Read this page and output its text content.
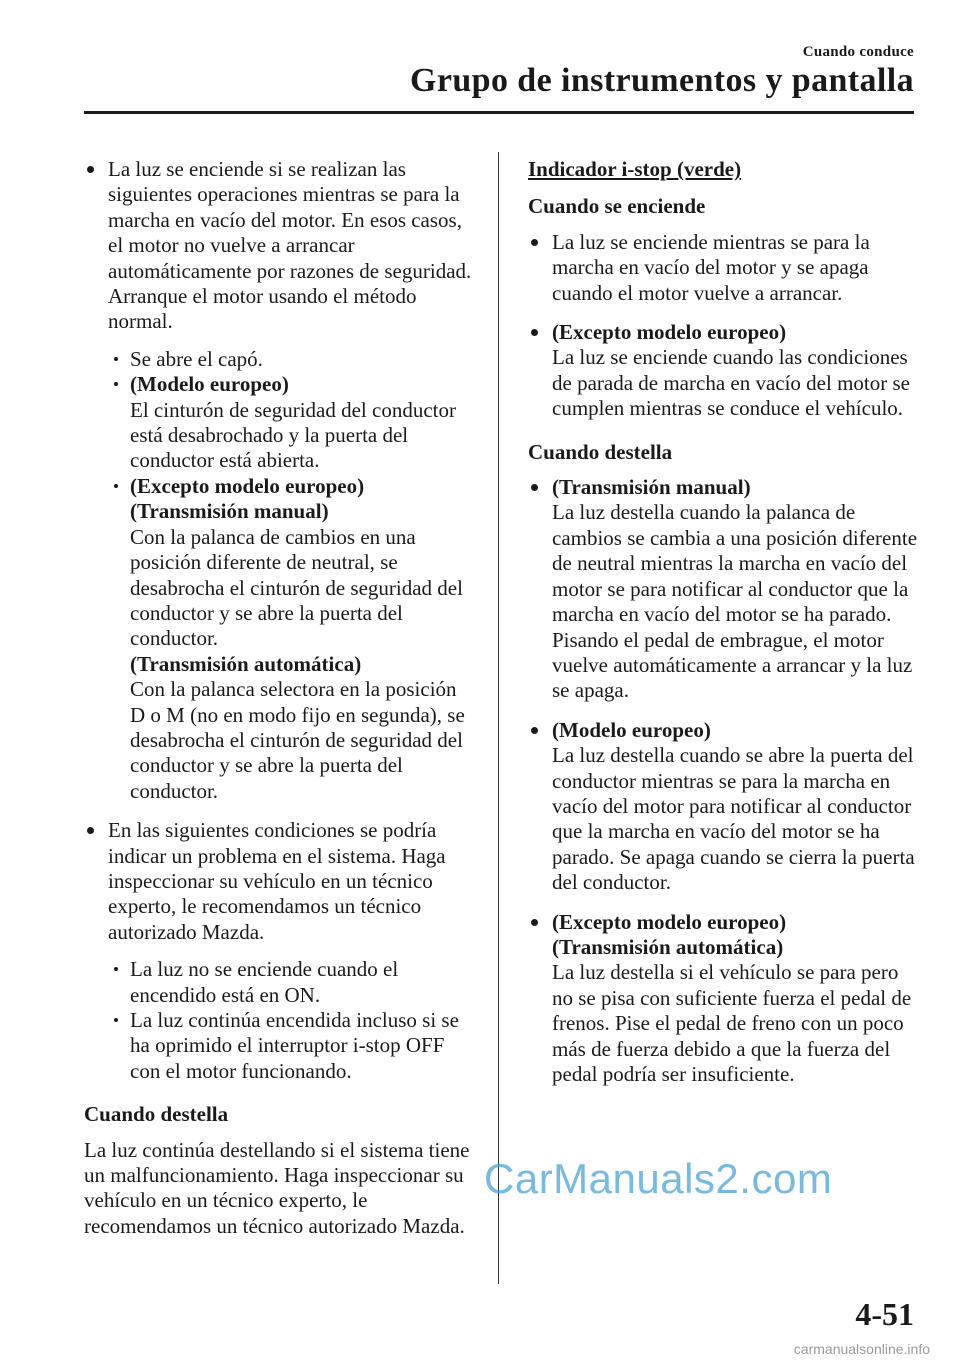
Cuando conduce
Grupo de instrumentos y pantalla

La luz se enciende si se realizan las siguientes operaciones mientras se para la marcha en vacío del motor. En esos casos, el motor no vuelve a arrancar automáticamente por razones de seguridad. Arranque el motor usando el método normal.

Se abre el capó.

(Modelo europeo)

El cinturón de seguridad del conductor está desabrochado y la puerta del conductor está abierta.

(Excepto modelo europeo)

(Transmisión manual)

Con la palanca de cambios en una posición diferente de neutral, se desabrocha el cinturón de seguridad del conductor y se abre la puerta del conductor.

(Transmisión automática)

Con la palanca selectora en la posición D o M (no en modo fijo en segunda), se desabrocha el cinturón de seguridad del conductor y se abre la puerta del conductor.

En las siguientes condiciones se podría indicar un problema en el sistema. Haga inspeccionar su vehículo en un técnico experto, le recomendamos un técnico autorizado Mazda.

La luz no se enciende cuando el encendido está en ON.

La luz continúa encendida incluso si se ha oprimido el interruptor i-stop OFF con el motor funcionando.

Cuando destella

La luz continúa destellando si el sistema tiene un malfuncionamiento. Haga inspeccionar su vehículo en un técnico experto, le recomendamos un técnico autorizado Mazda.

Indicador i-stop (verde)

Cuando se enciende

La luz se enciende mientras se para la marcha en vacío del motor y se apaga cuando el motor vuelve a arrancar.

(Excepto modelo europeo)

La luz se enciende cuando las condiciones de parada de marcha en vacío del motor se cumplen mientras se conduce el vehículo.

Cuando destella

(Transmisión manual)

La luz destella cuando la palanca de cambios se cambia a una posición diferente de neutral mientras la marcha en vacío del motor se para notificar al conductor que la marcha en vacío del motor se ha parado. Pisando el pedal de embrague, el motor vuelve automáticamente a arrancar y la luz se apaga.

(Modelo europeo)

La luz destella cuando se abre la puerta del conductor mientras se para la marcha en vacío del motor para notificar al conductor que la marcha en vacío del motor se ha parado. Se apaga cuando se cierra la puerta del conductor.

(Excepto modelo europeo)

(Transmisión automática)

La luz destella si el vehículo se para pero no se pisa con suficiente fuerza el pedal de frenos. Pise el pedal de freno con un poco más de fuerza debido a que la fuerza del pedal podría ser insuficiente.

CarManuals2.com
4-51
carmanualsonline.info
